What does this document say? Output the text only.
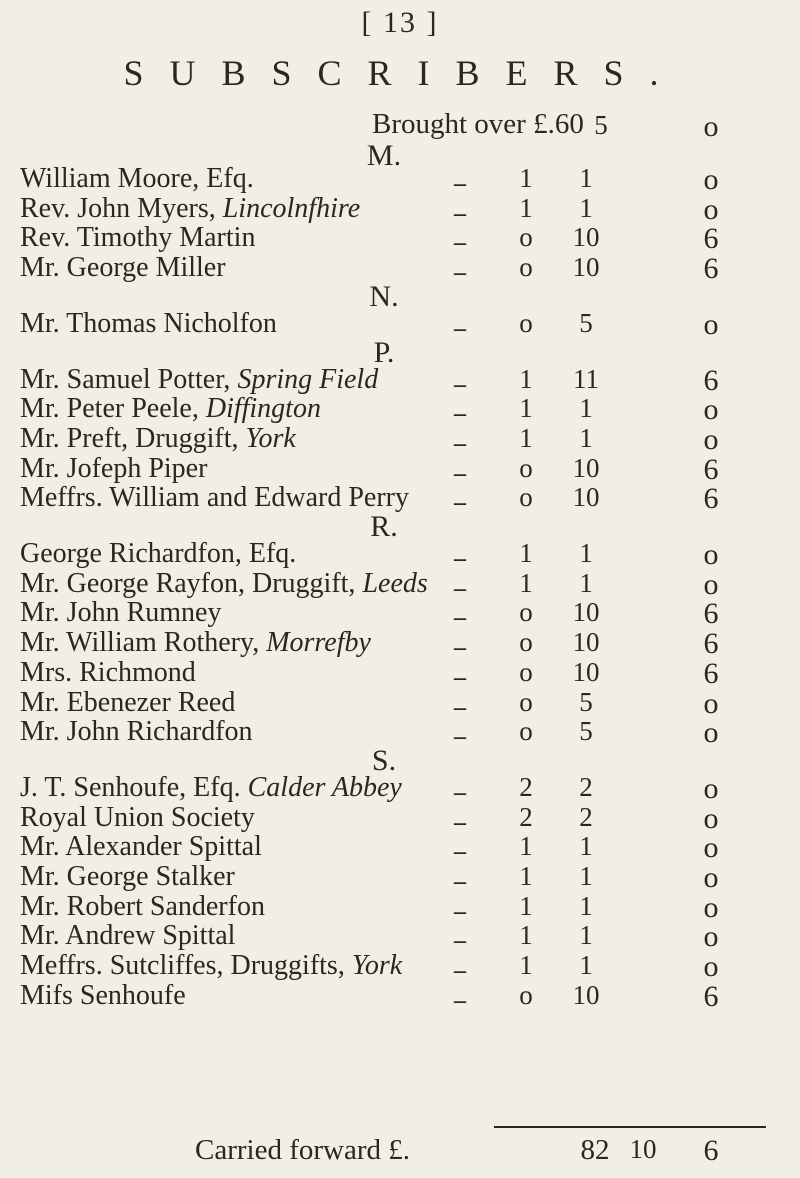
[ 13 ]
SUBSCRIBERS.
Brought over £.60 5	o
M.
William Moore, Efq.	–	1	1	o
Rev. John Myers, Lincolnfhire	–	1	1	o
Rev. Timothy Martin	–	o	10	6
Mr. George Miller	–	o	10	6
N.
Mr. Thomas Nicholfon	–	o	5	o
P.
Mr. Samuel Potter, Spring Field	–	1	11	6
Mr. Peter Peele, Diffington	–	1	1	o
Mr. Preft, Druggift, York	–	1	1	o
Mr. Jofeph Piper	–	o	10	6
Meffrs. William and Edward Perry –	o	10	6
R.
George Richardfon, Efq.	–	1	1	o
Mr. George Rayfon, Druggift, Leeds –	1	1	o
Mr. John Rumney	–	o	10	6
Mr. William Rothery, Morrefby	–	o	10	6
Mrs. Richmond	–	o	10	6
Mr. Ebenezer Reed	–	o	5	o
Mr. John Richardfon	–	o	5	o
S.
J. T. Senhoufe, Efq. Calder Abbey –	2	2	o
Royal Union Society	–	2	2	o
Mr. Alexander Spittal	–	1	1	o
Mr. George Stalker	–	1	1	o
Mr. Robert Sanderfon	–	1	1	o
Mr. Andrew Spittal	–	1	1	o
Meffrs. Sutcliffes, Druggifts, York –	1	1	o
Mifs Senhoufe	–	o	10	6
Carried forward £.	82 10	6
